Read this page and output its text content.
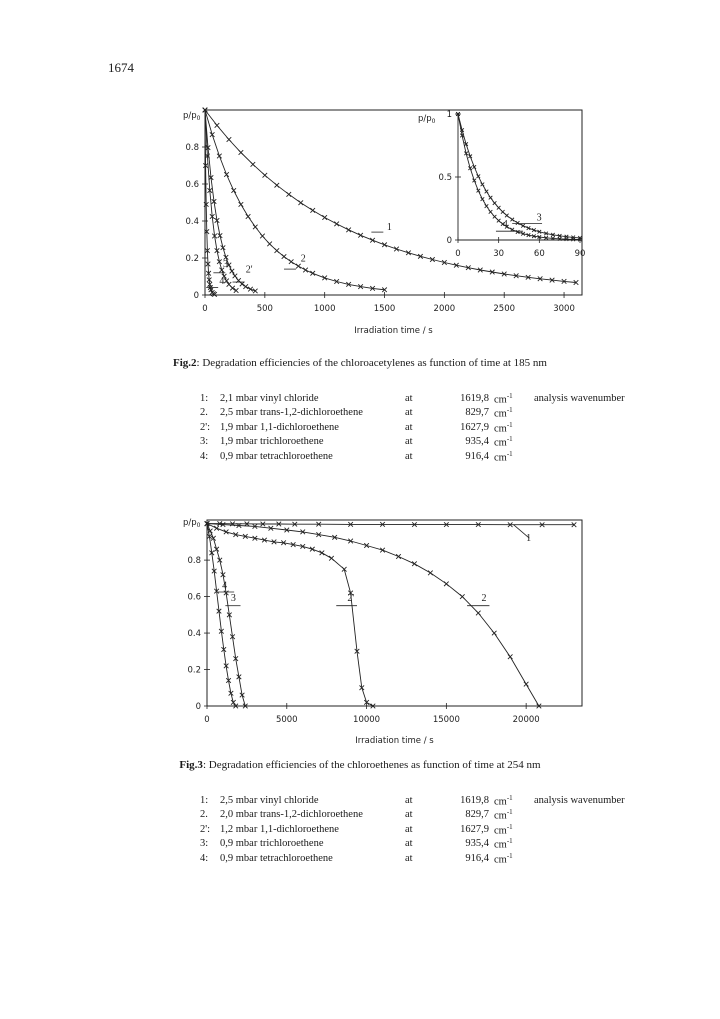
1674
0	500	1000	1500	2000	2500	3000
0
0.2
0.4
0.6
0.8
$p/p_0$
Irradiation time / s
1
2
2'
3
4
0	30	60	90
0
0.5
1
$p/p_0$
3
4
Fig.2: Degradation efficiencies of the chloroacetylenes as function of time at 185 nm
1:	2,1 mbar vinyl chloride	at	1619,8	$cm^{-1}$	analysis wavenumber
2.	2,5 mbar trans-1,2-dichloroethene	at	829,7	$cm^{-1}$	
2':	1,9 mbar 1,1-dichloroethene	at	1627,9	$cm^{-1}$	
3:	1,9 mbar trichloroethene	at	935,4	$cm^{-1}$	
4:	0,9 mbar tetrachloroethene	at	916,4	$cm^{-1}$	
0	5000	10000	15000	20000
0
0.2
0.4
0.6
0.8
$p/p_0$
Irradiation time / s
1
2
2'
3
4
Fig.3: Degradation efficiencies of the chloroethenes as function of time at 254 nm
1:	2,5 mbar vinyl chloride	at	1619,8	$cm^{-1}$	analysis wavenumber
2.	2,0 mbar trans-1,2-dichloroethene	at	829,7	$cm^{-1}$	
2':	1,2 mbar 1,1-dichloroethene	at	1627,9	$cm^{-1}$	
3:	0,9 mbar trichloroethene	at	935,4	$cm^{-1}$	
4:	0,9 mbar tetrachloroethene	at	916,4	$cm^{-1}$	
